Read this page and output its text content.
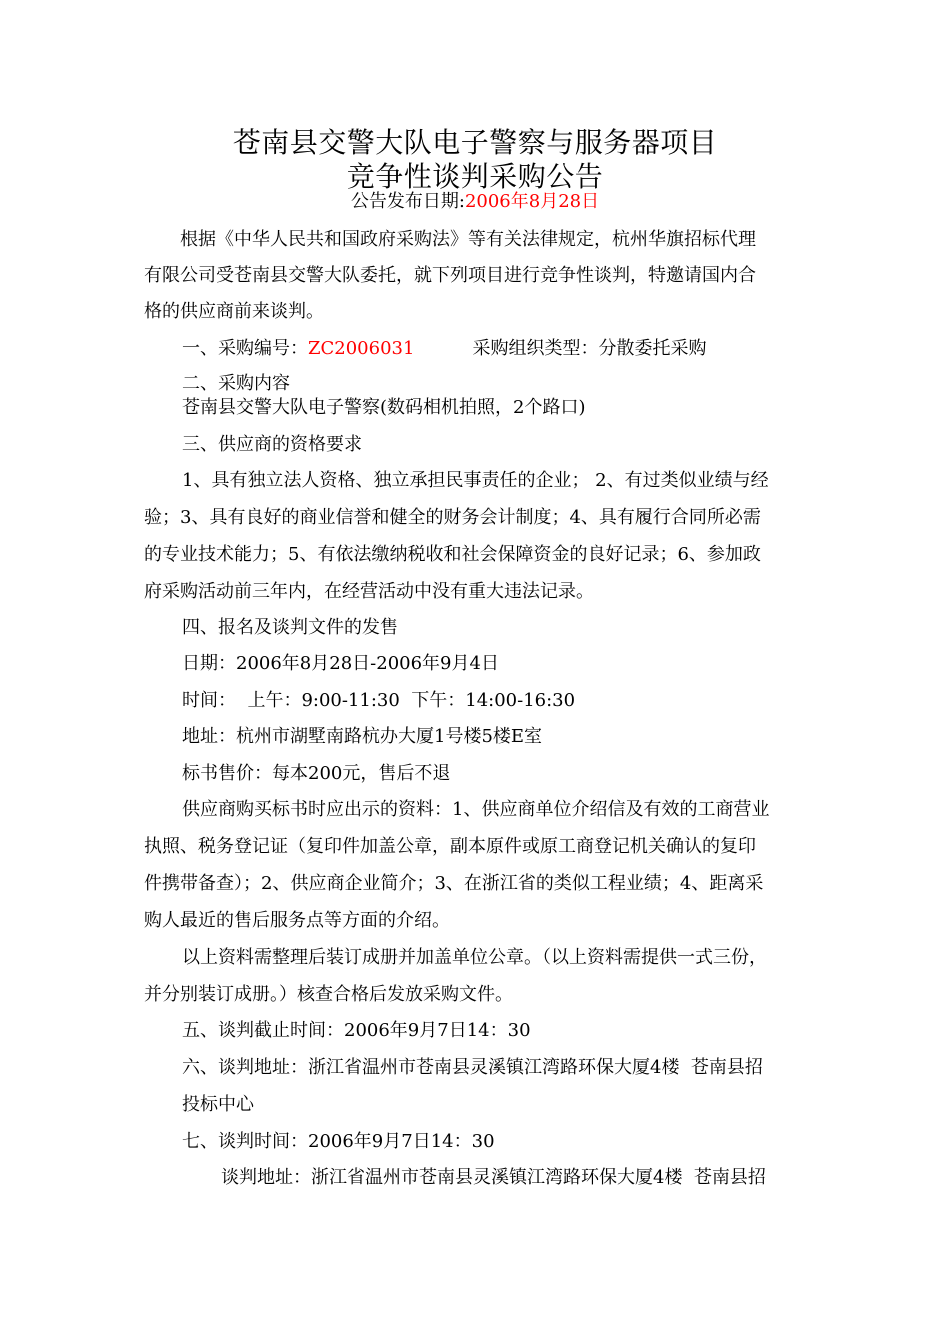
苍南县交警大队电子警察与服务器项目
竞争性谈判采购公告
公告发布日期:2006年8月28日
根据《中华人民共和国政府采购法》等有关法律规定，杭州华旗招标代理
有限公司受苍南县交警大队委托，就下列项目进行竞争性谈判，特邀请国内合
格的供应商前来谈判。
一、采购编号：ZC2006031	采购组织类型：分散委托采购
二、采购内容
苍南县交警大队电子警察(数码相机拍照，2个路口)
三、供应商的资格要求
1、具有独立法人资格、独立承担民事责任的企业； 2、有过类似业绩与经
验；3、具有良好的商业信誉和健全的财务会计制度；4、具有履行合同所必需
的专业技术能力；5、有依法缴纳税收和社会保障资金的良好记录；6、参加政
府采购活动前三年内，在经营活动中没有重大违法记录。
四、报名及谈判文件的发售
日期：2006年8月28日-2006年9月4日
时间：  上午：9:00-11:30  下午：14:00-16:30
地址：杭州市湖墅南路杭办大厦1号楼5楼E室
标书售价：每本200元，售后不退
供应商购买标书时应出示的资料：1、供应商单位介绍信及有效的工商营业
执照、税务登记证（复印件加盖公章，副本原件或原工商登记机关确认的复印
件携带备查）；2、供应商企业简介；3、在浙江省的类似工程业绩；4、距离采
购人最近的售后服务点等方面的介绍。
以上资料需整理后装订成册并加盖单位公章。（以上资料需提供一式三份，
并分别装订成册。）核查合格后发放采购文件。
五、谈判截止时间：2006年9月7日14：30
六、谈判地址：浙江省温州市苍南县灵溪镇江湾路环保大厦4楼  苍南县招
投标中心
七、谈判时间：2006年9月7日14：30
谈判地址：浙江省温州市苍南县灵溪镇江湾路环保大厦4楼  苍南县招
